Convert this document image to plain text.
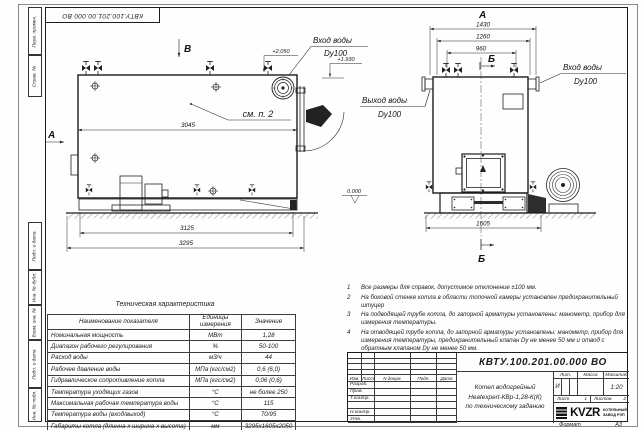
КВТУ.100.201.00.000 ВО
Перв. примен.
Справ. №
Подп. и дата
Инв. № дубл.
Взам. инв. №
Подп. и дата
Инв. № подл.
3045
3125
3295
см. п. 2
В
А
+2.050
+1.930
0.000
Вход воды
Dy100
1430
1260
960
А
Б
1605
Б
Выход воды
Dy100
Вход воды
Dy100
1	Все размеры для справок, допустимое отклонение ±100 мм.
2	На боковой стенке котла в области топочной камеры установлен предохранительный штуцер
3	На подводящей трубе котла, до запорной арматуры установлены: манометр, прибор для измерения температуры.
4	На отводящей трубе котла, до запорной арматуры установлены: манометр, прибор для измерения температуры, предохранительный клапан Dу не менее 50 мм и отвод с обратным клапаном Dу не менее 50 мм.
Техническая характеристика
Наименование показателя	Единицы измерения	Значение
Номинальная мощность	МВт	1,28
Диапазон рабочего регулирования	%	50-100
Расход воды	м3/ч	44
Рабочее давление воды	МПа (кгс/см2)	0,6 (6,0)
Гидравлическое сопротивление котла	МПа (кгс/см2)	0,06 (0,6)
Температура уходящих газов	°С	не более 250
Максимальная рабочая температура воды	°С	115
Температура воды (вход/выход)	°С	70/95
Габариты котла (длинна х ширина х высота)	мм	3295х1605х2050
Изм. Лист	N докум.	Подп.	Дата
Разраб.
Пров.
Т.контр.
Н.контр.
Утв.
КВТУ.100.201.00.000 ВО
Котел водогрейный
Heatexpert-КВр-1,28-К(К)
по техническому заданию
Лит.	Масса	Масштаб
И	1:20
Лист	1 Листов 2
KVZR КОТЕЛЬНЫЙ
ЗАВОД РЭП
Формат	А3
